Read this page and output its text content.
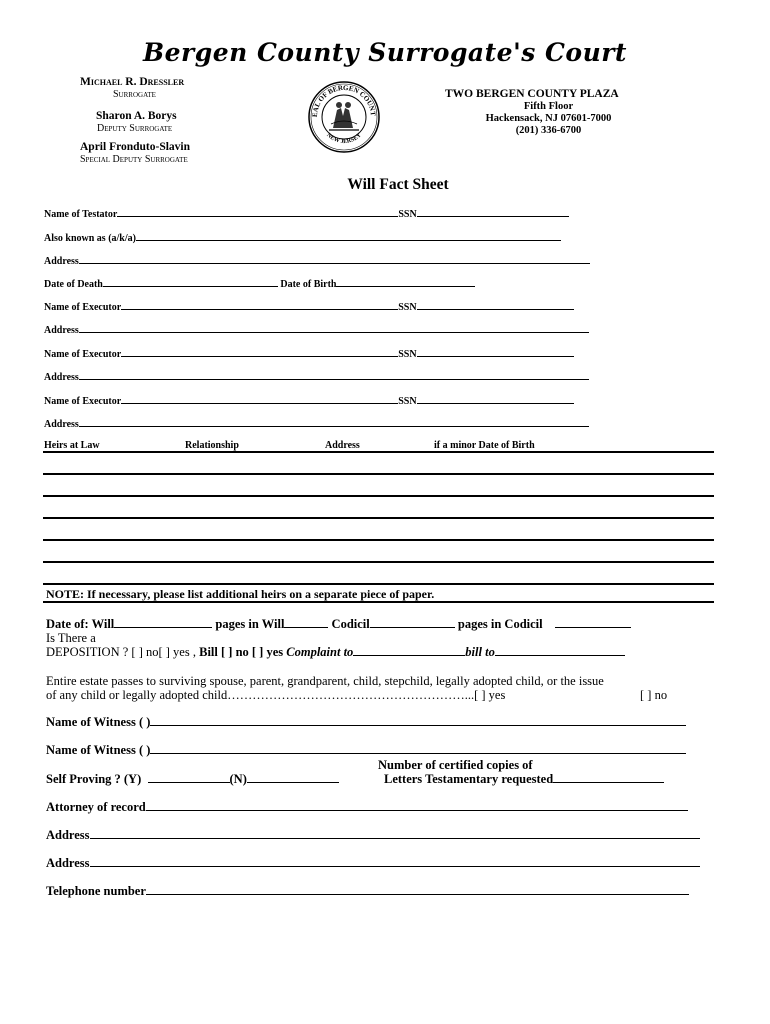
Bergen County Surrogate's Court
Michael R. Dressler
Surrogate
Sharon A. Borys
Deputy Surrogate
April Fronduto-Slavin
Special Deputy Surrogate
EAL OF BERGEN COUNT
NEW JERSEY
TWO BERGEN COUNTY PLAZA
Fifth Floor
Hackensack, NJ 07601-7000
(201) 336-6700
Will Fact Sheet
Name of Testator	SSN
Also known as (a/k/a)
Address
Date of Death	Date of Birth
Name of Executor	SSN
Address
Name of Executor	SSN
Address
Name of Executor	SSN
Address
Heirs at Law	Relationship	Address	if a minor Date of Birth
NOTE: If necessary, please list additional heirs on a separate piece of paper.
Date of: Will	pages in Will	Codicil	pages in Codicil
Is There a
DEPOSITION ? [ ] no[ ] yes , Bill [ ] no [ ] yes Complaint to	bill to
Entire estate passes to surviving spouse, parent, grandparent, child, stepchild, legally adopted child, or the issue
of any child or legally adopted child…………………………………………………...[ ] yes	[ ] no
Name of Witness ( )
Name of Witness ( )
Number of certified copies of
Letters Testamentary requested
Self Proving ? (Y)	(N)
Attorney of record
Address
Address
Telephone number
